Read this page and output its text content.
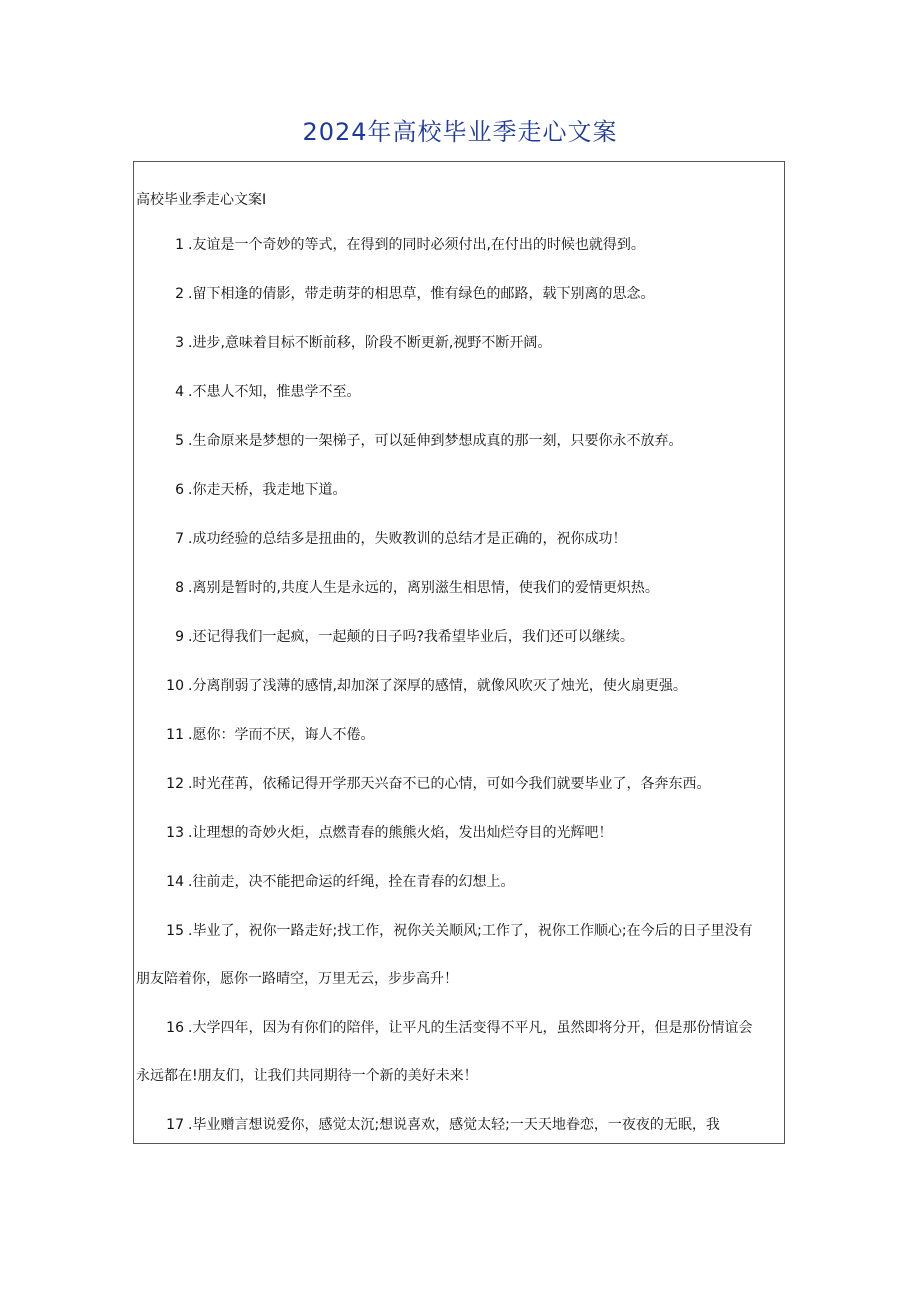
2024年高校毕业季走心文案

高校毕业季走心文案I

1 .友谊是一个奇妙的等式，在得到的同时必须付出,在付出的时候也就得到。
2 .留下相逢的倩影，带走萌芽的相思草，惟有绿色的邮路，载下别离的思念。
3 .进步,意味着目标不断前移，阶段不断更新,视野不断开阔。
4 .不患人不知，惟患学不至。
5 .生命原来是梦想的一架梯子，可以延伸到梦想成真的那一刻，只要你永不放弃。
6 .你走天桥，我走地下道。
7 .成功经验的总结多是扭曲的，失败教训的总结才是正确的，祝你成功！
8 .离别是暂时的,共度人生是永远的，离别滋生相思情，使我们的爱情更炽热。
9 .还记得我们一起疯，一起颠的日子吗?我希望毕业后，我们还可以继续。
10 .分离削弱了浅薄的感情,却加深了深厚的感情，就像风吹灭了烛光，使火扇更强。
11 .愿你：学而不厌，诲人不倦。
12 .时光荏苒，依稀记得开学那天兴奋不已的心情，可如今我们就要毕业了，各奔东西。
13 .让理想的奇妙火炬，点燃青春的熊熊火焰，发出灿烂夺目的光辉吧！
14 .往前走，决不能把命运的纤绳，拴在青春的幻想上。
15 .毕业了，祝你一路走好;找工作，祝你关关顺风;工作了，祝你工作顺心;在今后的日子里没有
朋友陪着你，愿你一路晴空，万里无云，步步高升！
16 .大学四年，因为有你们的陪伴，让平凡的生活变得不平凡，虽然即将分开，但是那份情谊会
永远都在!朋友们，让我们共同期待一个新的美好未来！
17 .毕业赠言想说爱你，感觉太沉;想说喜欢，感觉太轻;一天天地眷恋，一夜夜的无眠，我
